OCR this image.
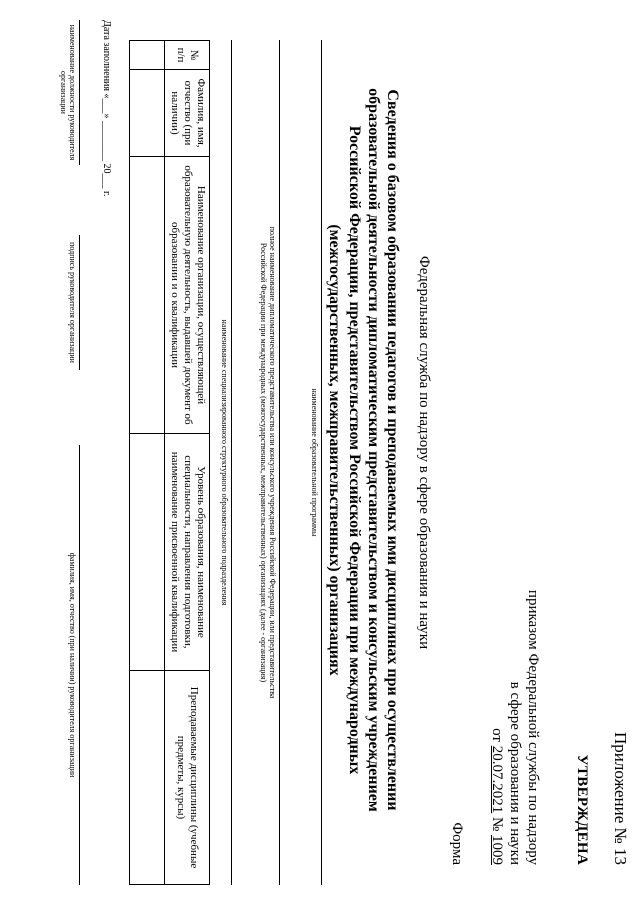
Приложение № 13
УТВЕРЖДЕНА
приказом Федеральной службы по надзору
в сфере образования и науки
от 20.07.2021 № 1009
Форма
Федеральная служба по надзору в сфере образования и науки
Сведения о базовом образовании педагогов и преподаваемых ими дисциплинах при осуществлении образовательной деятельности дипломатическим представительством и консульским учреждением Российской Федерации, представительством Российской Федерации при международных (межгосударственных, межправительственных) организациях
наименование образовательной программы
полное наименование дипломатического представительства или консульского учреждения Российской Федерации, или представительства
Российской Федерации при международных (межгосударственных, межправительственных) организациях (далее - организация)
наименование специализированного структурного образовательного подразделения
№ п/п	Фамилия, имя, отчество (при наличии)	Наименование организации, осуществляющей образовательную деятельность, выдавшей документ об образовании и о квалификации	Уровень образования, наименование специальности, направления подготовки, наименование присвоенной квалификации	Преподаваемые дисциплины (учебные предметы, курсы)

Дата заполнения «___» ________ 20___ г.
наименование должности руководителя организации
подпись руководителя организации
фамилия, имя, отчество (при наличии) руководителя организации
